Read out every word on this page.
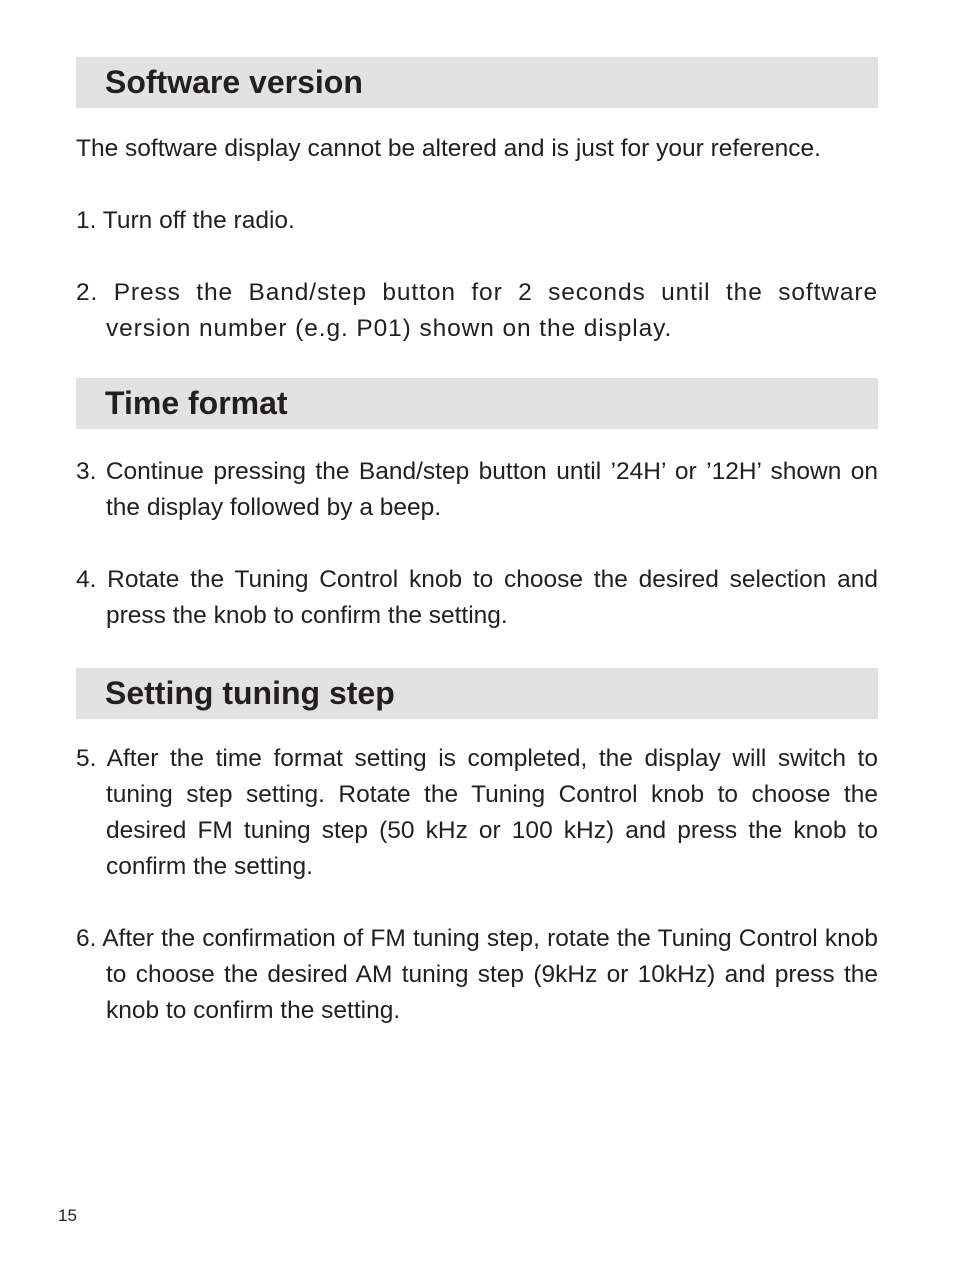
Software version

The software display cannot be altered and is just for your reference.

1. Turn off the radio.

2. Press the Band/step button for 2 seconds until the software version number (e.g. P01) shown on the display.

Time format

3. Continue pressing the Band/step button until ’24H’ or ’12H’ shown on the display followed by a beep.

4. Rotate the Tuning Control knob to choose the desired selection and press the knob to confirm the setting.

Setting tuning step

5. After the time format setting is completed, the display will switch to tuning step setting. Rotate the Tuning Control knob to choose the desired FM tuning step (50 kHz or 100 kHz) and press the knob to confirm the setting.

6. After the confirmation of FM tuning step, rotate the Tuning Control knob to choose the desired AM tuning step (9kHz or 10kHz) and press the knob to confirm the setting.

15
